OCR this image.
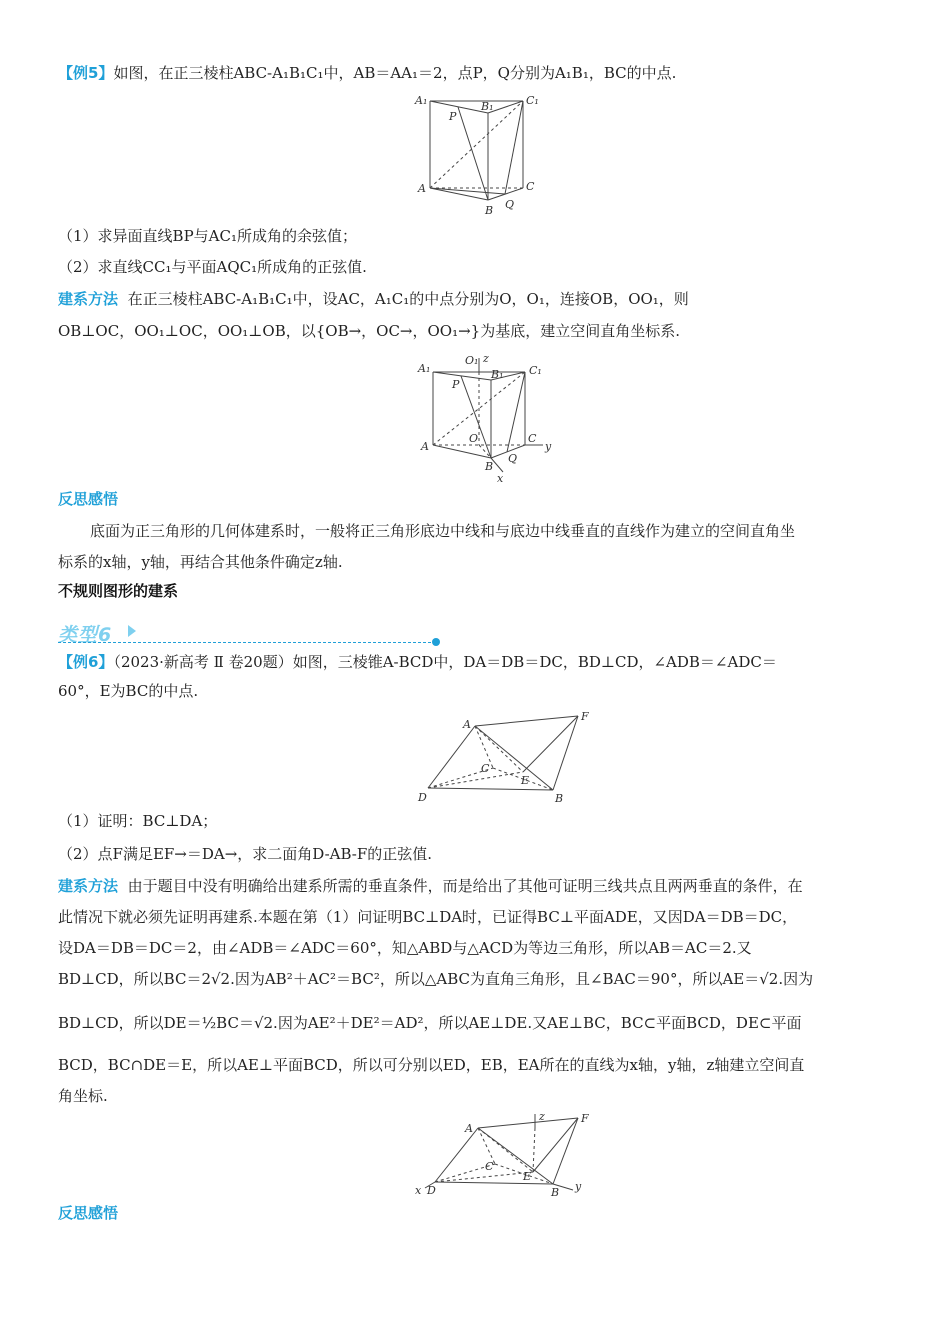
【例5】如图，在正三棱柱ABC-A₁B₁C₁中，AB＝AA₁＝2，点P，Q分别为A₁B₁，BC的中点.
A₁	B₁	C₁
P
A	C
B Q
（1）求异面直线BP与AC₁所成角的余弦值；
（2）求直线CC₁与平面AQC₁所成角的正弦值.
建系方法 在正三棱柱ABC-A₁B₁C₁中，设AC，A₁C₁的中点分别为O，O₁，连接OB，OO₁，则
OB⊥OC，OO₁⊥OC，OO₁⊥OB，以{OB→，OC→，OO₁→}为基底，建立空间直角坐标系.
A₁	B₁ C₁
O₁ z
P
A
O	C
y
B
Q
x
反思感悟
底面为正三角形的几何体建系时，一般将正三角形底边中线和与底边中线垂直的直线作为建立的空间直角坐
标系的x轴，y轴，再结合其他条件确定z轴.
不规则图形的建系
类型6
【例6】（2023·新高考 Ⅱ 卷20题）如图，三棱锥A-BCD中，DA＝DB＝DC，BD⊥CD，∠ADB＝∠ADC＝
60°，E为BC的中点.
A
F
C
E
D	B
（1）证明：BC⊥DA；
（2）点F满足EF→＝DA→，求二面角D-AB-F的正弦值.
建系方法 由于题目中没有明确给出建系所需的垂直条件，而是给出了其他可证明三线共点且两两垂直的条件，在
此情况下就必须先证明再建系.本题在第（1）问证明BC⊥DA时，已证得BC⊥平面ADE，又因DA＝DB＝DC，
设DA＝DB＝DC＝2，由∠ADB＝∠ADC＝60°，知△ABD与△ACD为等边三角形，所以AB＝AC＝2.又
BD⊥CD，所以BC＝2√2.因为AB²＋AC²＝BC²，所以△ABC为直角三角形，且∠BAC＝90°，所以AE＝√2.因为
BD⊥CD，所以DE＝½BC＝√2.因为AE²＋DE²＝AD²，所以AE⊥DE.又AE⊥BC，BC⊂平面BCD，DE⊂平面
BCD，BC∩DE＝E，所以AE⊥平面BCD，所以可分别以ED，EB，EA所在的直线为x轴，y轴，z轴建立空间直
角坐标.
A
z	F
C
E
x D	B y
反思感悟
